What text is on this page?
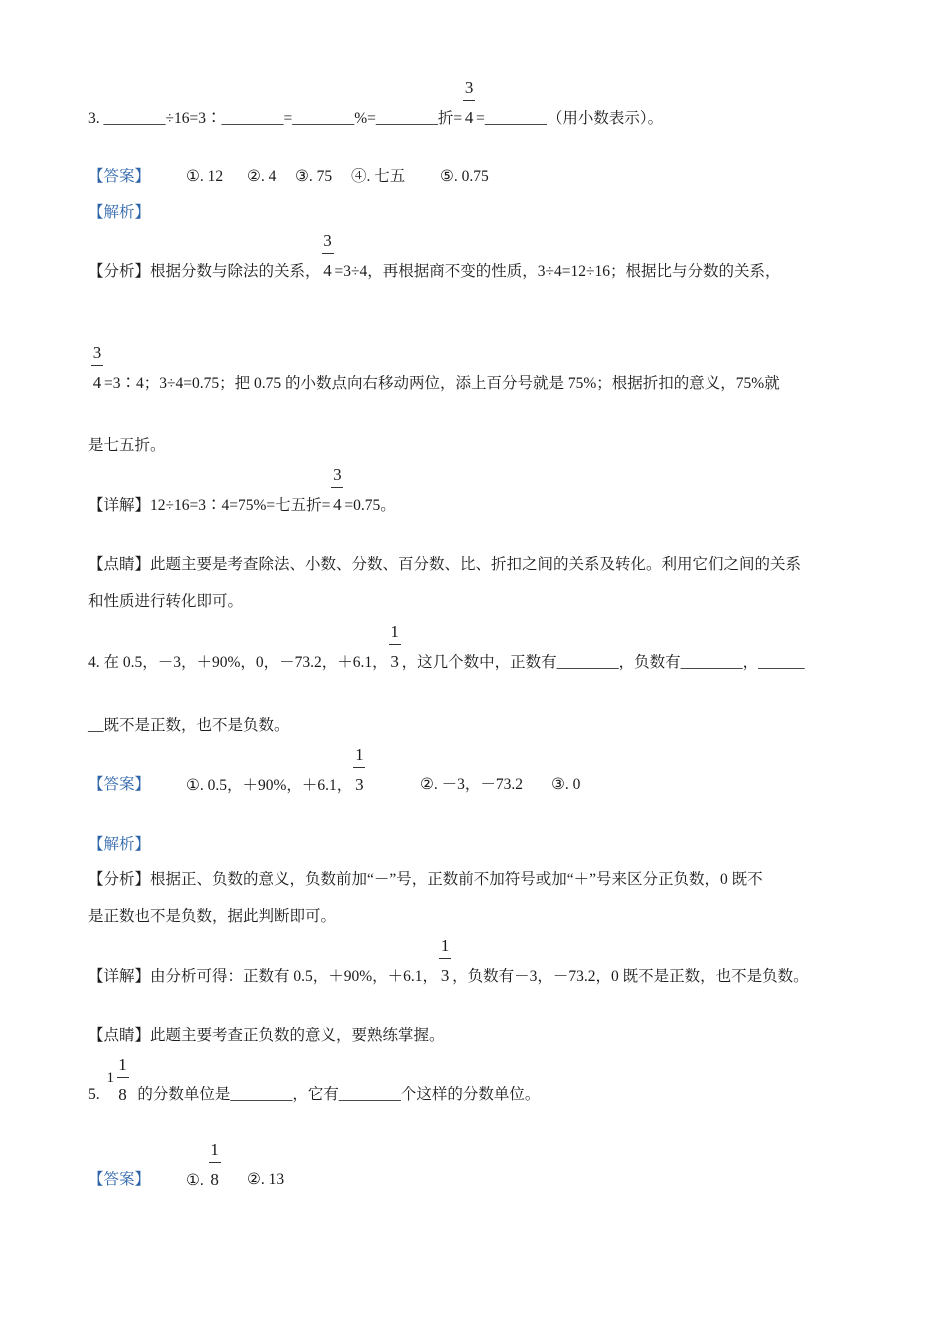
3. ________÷16=3∶________=________%=________折= $\frac{3}{4}=\_\_\_\_\_\_\_\_$（用小数表示）。
【答案】 ①. 12 ②. 4 ③. 75 ④. 七五 ⑤. 0.75
【解析】
【分析】根据分数与除法的关系， $\frac{3}{4}=3\div 4$，再根据商不变的性质，3÷4=12÷16；根据比与分数的关系，
$\frac{3}{4}=3∶4$；3÷4=0.75；把 0.75 的小数点向右移动两位，添上百分号就是 75%；根据折扣的意义，75%就
是七五折。
【详解】12÷16=3∶4=75%=七五折= $\frac{3}{4}=0.75$。
【点睛】此题主要是考查除法、小数、分数、百分数、比、折扣之间的关系及转化。利用它们之间的关系
和性质进行转化即可。
4. 在 0.5，－3，＋90%，0，－73.2，＋6.1， $\frac{1}{3}$，这几个数中，正数有________，负数有________，______
__既不是正数，也不是负数。
【答案】 ①. 0.5，＋90%，＋6.1， $\frac{1}{3}$	②. －3，－73.2 ③. 0
【解析】
【分析】根据正、负数的意义，负数前加“－”号，正数前不加符号或加“＋”号来区分正负数，0 既不
是正数也不是负数，据此判断即可。
【详解】由分析可得：正数有 0.5，＋90%，＋6.1， $\frac{1}{3}$，负数有－3，－73.2，0 既不是正数，也不是负数。
【点睛】此题主要考查正负数的意义，要熟练掌握。
5.
1
1
8 的分数单位是________，它有________个这样的分数单位。
【答案】 ①. $\frac{1}{8}$ ②. 13
